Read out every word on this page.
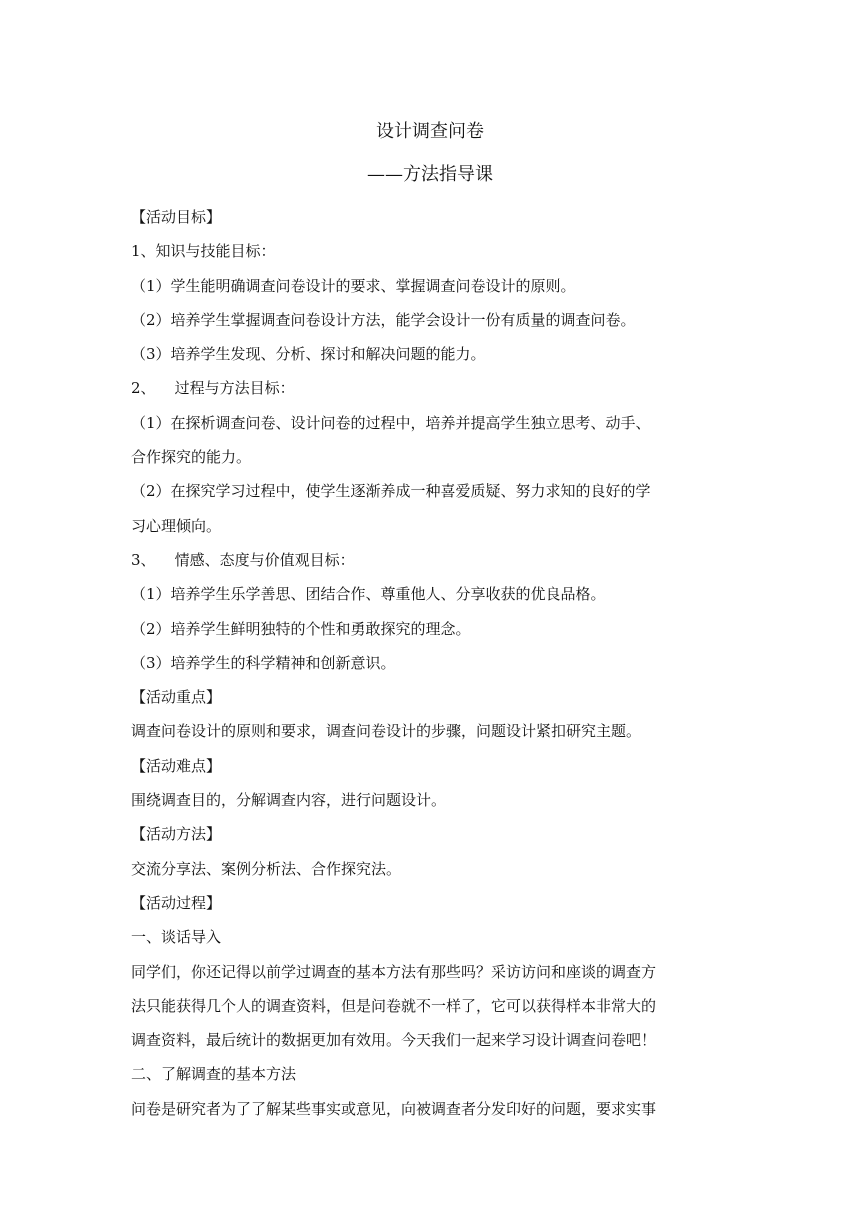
设计调查问卷
——方法指导课
【活动目标】
1、知识与技能目标：
（1）学生能明确调查问卷设计的要求、掌握调查问卷设计的原则。
（2）培养学生掌握调查问卷设计方法，能学会设计一份有质量的调查问卷。
（3）培养学生发现、分析、探讨和解决问题的能力。
2、    过程与方法目标：
（1）在探析调查问卷、设计问卷的过程中，培养并提高学生独立思考、动手、
合作探究的能力。
（2）在探究学习过程中，使学生逐渐养成一种喜爱质疑、努力求知的良好的学
习心理倾向。
3、    情感、态度与价值观目标：
（1）培养学生乐学善思、团结合作、尊重他人、分享收获的优良品格。
（2）培养学生鲜明独特的个性和勇敢探究的理念。
（3）培养学生的科学精神和创新意识。
【活动重点】
调查问卷设计的原则和要求，调查问卷设计的步骤，问题设计紧扣研究主题。
【活动难点】
围绕调查目的，分解调查内容，进行问题设计。
【活动方法】
交流分享法、案例分析法、合作探究法。
【活动过程】
一、谈话导入
同学们，你还记得以前学过调查的基本方法有那些吗？采访访问和座谈的调查方
法只能获得几个人的调查资料，但是问卷就不一样了，它可以获得样本非常大的
调查资料，最后统计的数据更加有效用。今天我们一起来学习设计调查问卷吧！
二、了解调查的基本方法
问卷是研究者为了了解某些事实或意见，向被调查者分发印好的问题，要求实事
